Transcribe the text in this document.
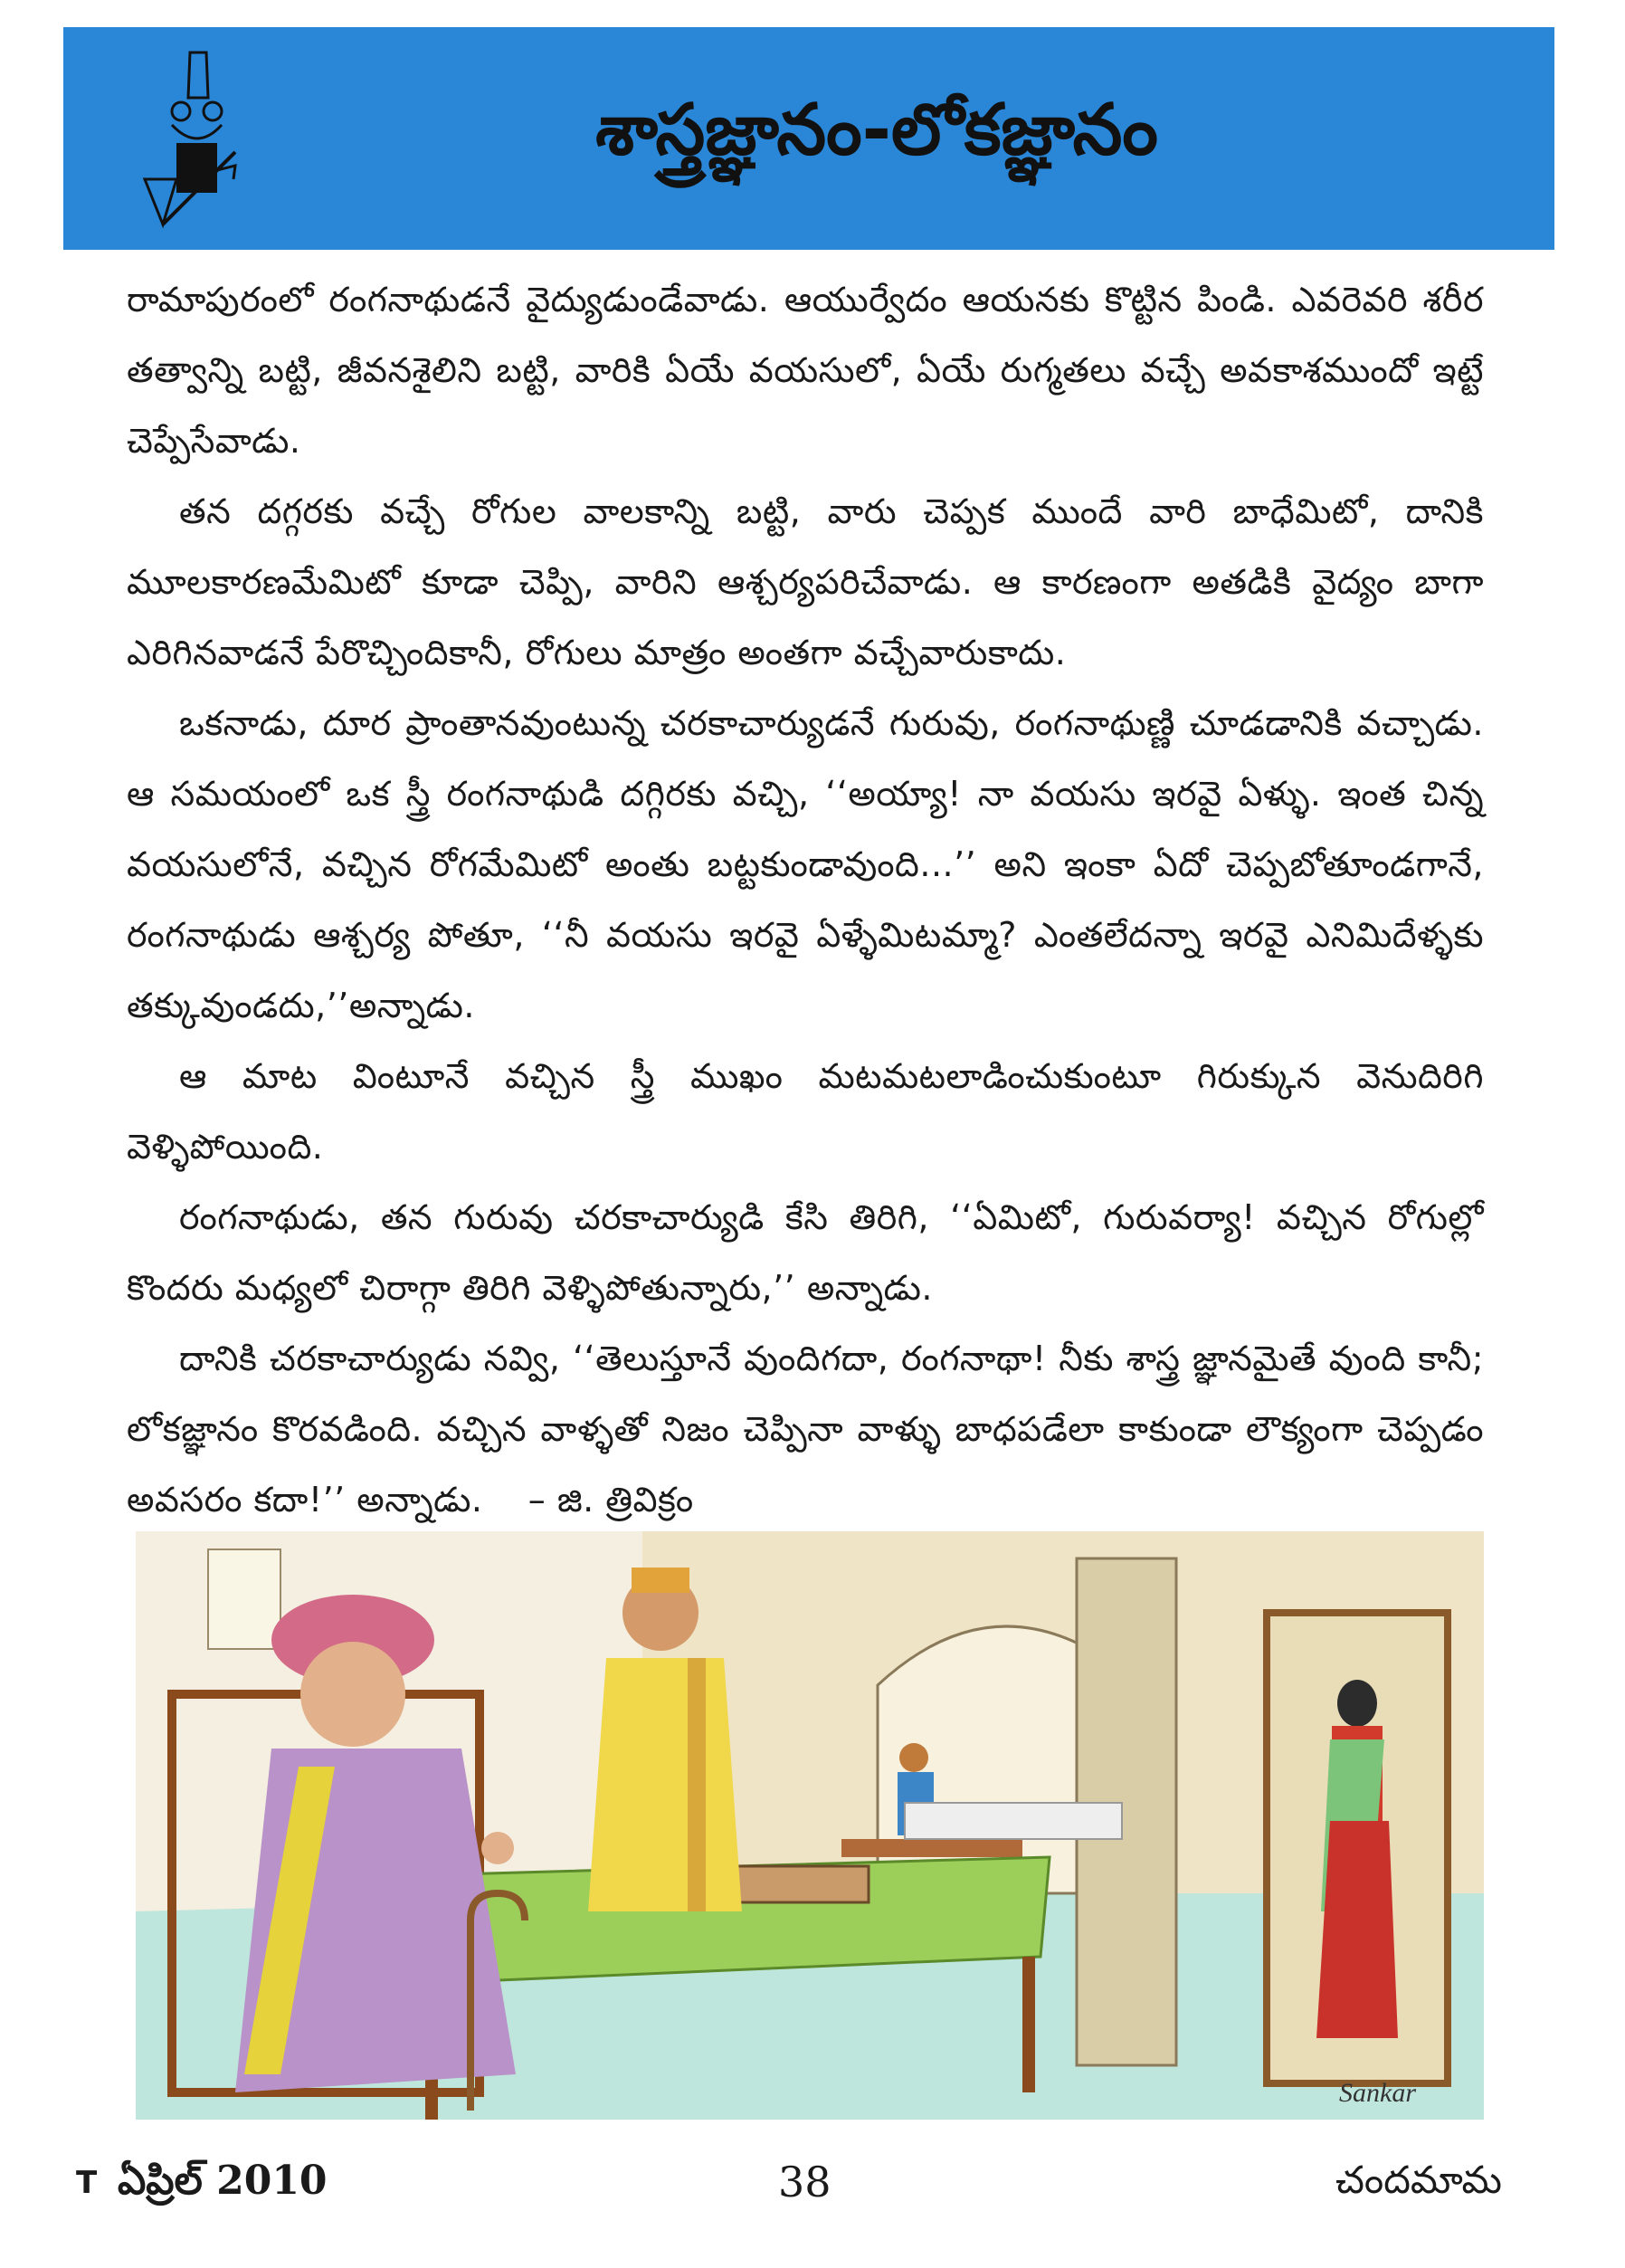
శాస్త్రజ్ఞానం-లోకజ్ఞానం

రామాపురంలో రంగనాథుడనే వైద్యుడుండేవాడు. ఆయుర్వేదం ఆయనకు కొట్టిన పిండి. ఎవరెవరి శరీర తత్వాన్ని బట్టి, జీవనశైలిని బట్టి, వారికి ఏయే వయసులో, ఏయే రుగ్మతలు వచ్చే అవకాశముందో ఇట్టే చెప్పేసేవాడు.

తన దగ్గరకు వచ్చే రోగుల వాలకాన్ని బట్టి, వారు చెప్పక ముందే వారి బాధేమిటో, దానికి మూలకారణమేమిటో కూడా చెప్పి, వారిని ఆశ్చర్యపరిచేవాడు. ఆ కారణంగా అతడికి వైద్యం బాగా ఎరిగినవాడనే పేరొచ్చిందికానీ, రోగులు మాత్రం అంతగా వచ్చేవారుకాదు.

ఒకనాడు, దూర ప్రాంతానవుంటున్న చరకాచార్యుడనే గురువు, రంగనాథుణ్ణి చూడడానికి వచ్చాడు. ఆ సమయంలో ఒక స్త్రీ రంగనాథుడి దగ్గిరకు వచ్చి, ‘‘అయ్యా! నా వయసు ఇరవై ఏళ్ళు. ఇంత చిన్న వయసులోనే, వచ్చిన రోగమేమిటో అంతు బట్టకుండావుంది...’’ అని ఇంకా ఏదో చెప్పబోతూండగానే, రంగనాథుడు ఆశ్చర్య పోతూ, ‘‘నీ వయసు ఇరవై ఏళ్ళేమిటమ్మా? ఎంతలేదన్నా ఇరవై ఎనిమిదేళ్ళకు తక్కువుండదు,’’అన్నాడు.

ఆ మాట వింటూనే వచ్చిన స్త్రీ ముఖం మటమటలాడించుకుంటూ గిరుక్కున వెనుదిరిగి వెళ్ళిపోయింది.

రంగనాథుడు, తన గురువు చరకాచార్యుడి కేసి తిరిగి, ‘‘ఏమిటో, గురువర్యా! వచ్చిన రోగుల్లో కొందరు మధ్యలో చిరాగ్గా తిరిగి వెళ్ళిపోతున్నారు,’’ అన్నాడు.

దానికి చరకాచార్యుడు నవ్వి, ‘‘తెలుస్తూనే వుందిగదా, రంగనాథా! నీకు శాస్త్ర జ్ఞానమైతే వుంది కానీ; లోకజ్ఞానం కొరవడింది. వచ్చిన వాళ్ళతో నిజం చెప్పినా వాళ్ళు బాధపడేలా కాకుండా లౌక్యంగా చెప్పడం అవసరం కదా!’’ అన్నాడు. – జి. త్రివిక్రం

Sankar
T ఏప్రిల్ 2010	38	చందమామ
